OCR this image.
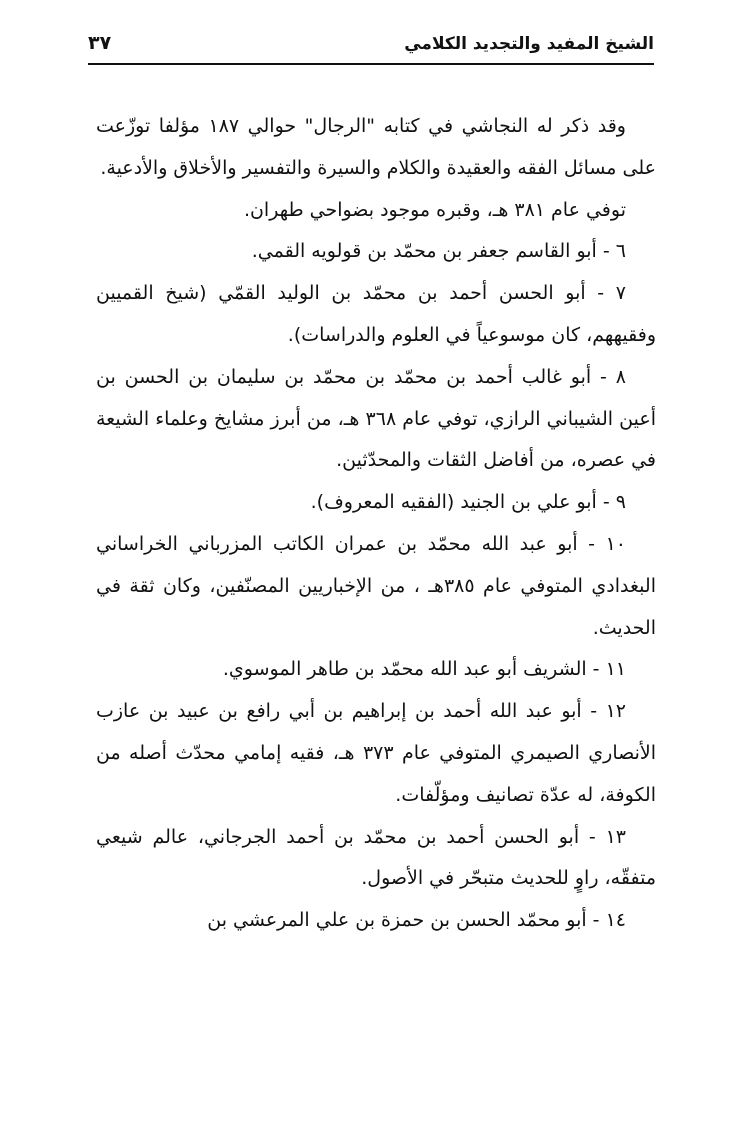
الشيخ المفيد والتجديد الكلامي
٣٧

وقد ذكر له النجاشي في كتابه "الرجال" حوالي ١٨٧ مؤلفا توزّعت على مسائل الفقه والعقيدة والكلام والسيرة والتفسير والأخلاق والأدعية.

توفي عام ٣٨١ هـ، وقبره موجود بضواحي طهران.

٦ - أبو القاسم جعفر بن محمّد بن قولويه القمي.

٧ - أبو الحسن أحمد بن محمّد بن الوليد القمّي (شيخ القميين وفقيههم، كان موسوعياً في العلوم والدراسات).

٨ - أبو غالب أحمد بن محمّد بن محمّد بن سليمان بن الحسن بن أعين الشيباني الرازي، توفي عام ٣٦٨ هـ، من أبرز مشايخ وعلماء الشيعة في عصره، من أفاضل الثقات والمحدّثين.

٩ - أبو علي بن الجنيد (الفقيه المعروف).

١٠ - أبو عبد الله محمّد بن عمران الكاتب المزرباني الخراساني البغدادي المتوفي عام ٣٨٥هـ ، من الإخباريين المصنّفين، وكان ثقة في الحديث.

١١ - الشريف أبو عبد الله محمّد بن طاهر الموسوي.

١٢ - أبو عبد الله أحمد بن إبراهيم بن أبي رافع بن عبيد بن عازب الأنصاري الصيمري المتوفي عام ٣٧٣ هـ، فقيه إمامي محدّث أصله من الكوفة، له عدّة تصانيف ومؤلّفات.

١٣ - أبو الحسن أحمد بن محمّد بن أحمد الجرجاني، عالم شيعي متفقّه، راوٍ للحديث متبحّر في الأصول.

١٤ - أبو محمّد الحسن بن حمزة بن علي المرعشي بن
